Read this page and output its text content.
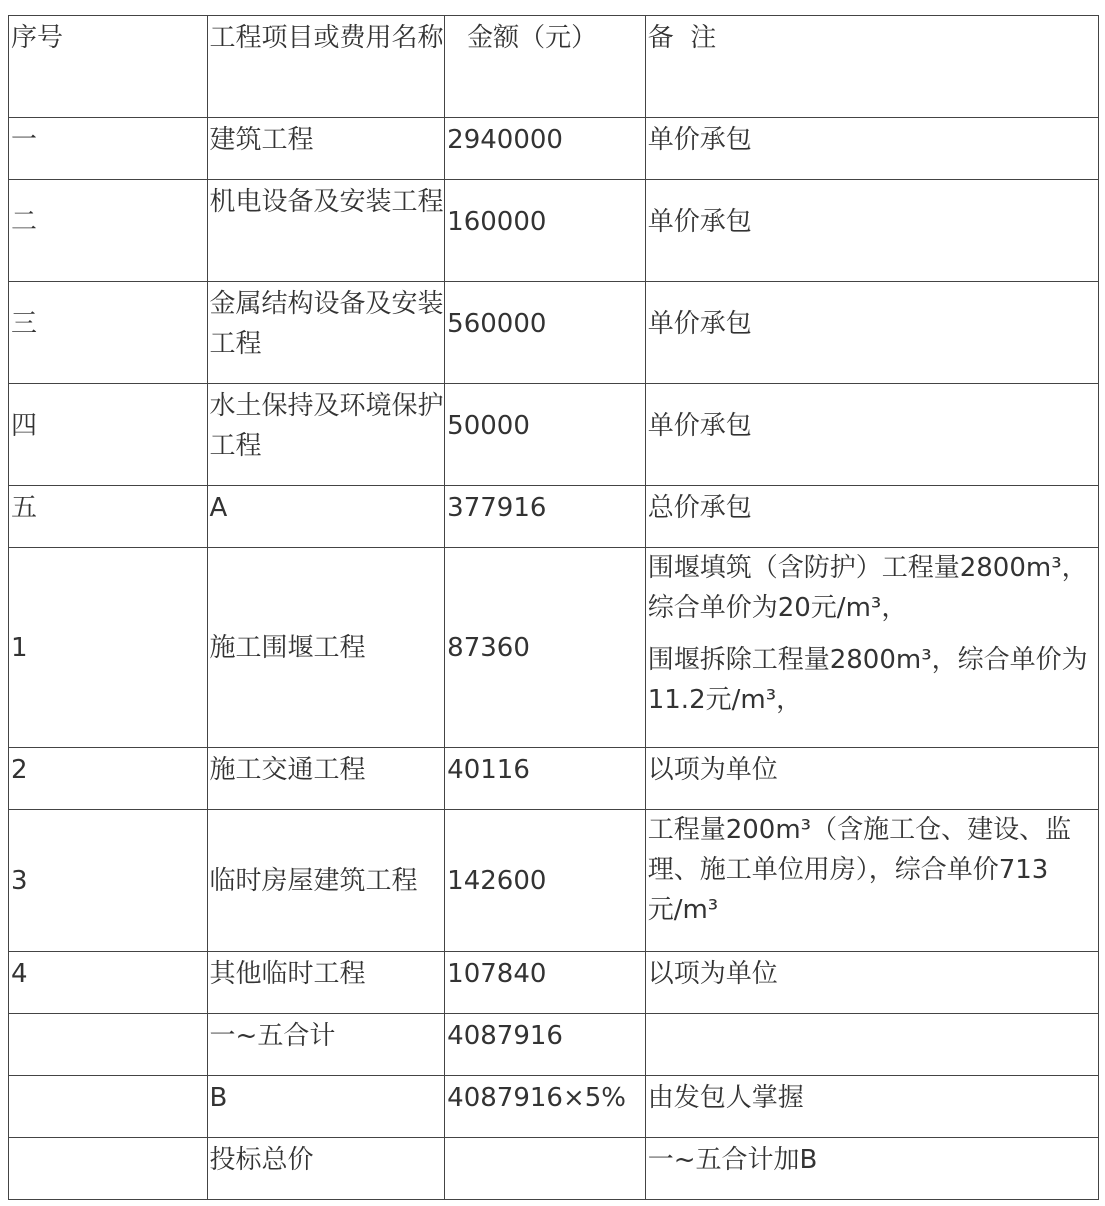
序号	工程项目或费用名称	金额（元）	备  注
一	建筑工程	2940000	单价承包
二	机电设备及安装工程	160000	单价承包
三	金属结构设备及安装工程	560000	单价承包
四	水土保持及环境保护工程	50000	单价承包
五	A	377916	总价承包
1	施工围堰工程	87360	围堰填筑（含防护）工程量2800m³，综合单价为20元/m³，
围堰拆除工程量2800m³，综合单价为11.2元/m³，

2	施工交通工程	40116	以项为单位
3	临时房屋建筑工程	142600	工程量200m³（含施工仓、建设、监理、施工单位用房），综合单价713元/m³
4	其他临时工程	107840	以项为单位
	一~五合计	4087916	
	B	4087916×5%	由发包人掌握
	投标总价		一~五合计加B
